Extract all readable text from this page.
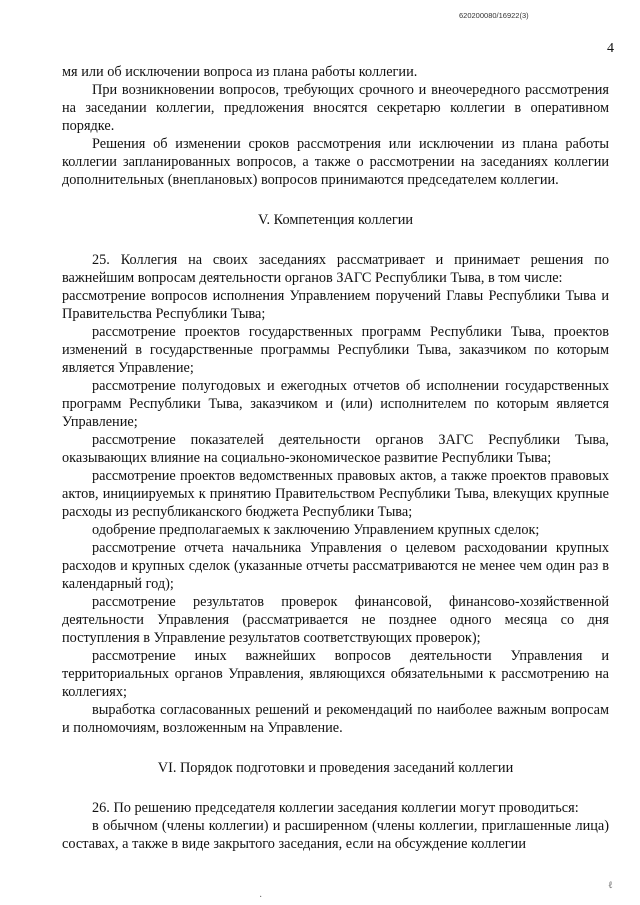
620200080/16922(3)
4

мя или об исключении вопроса из плана работы коллегии.

При возникновении вопросов, требующих срочного и внеочередного рассмотрения на заседании коллегии, предложения вносятся секретарю коллегии в оперативном порядке.

Решения об изменении сроков рассмотрения или исключении из плана работы коллегии запланированных вопросов, а также о рассмотрении на заседаниях коллегии дополнительных (внеплановых) вопросов принимаются председателем коллегии.

V. Компетенция коллегии

25. Коллегия на своих заседаниях рассматривает и принимает решения по важнейшим вопросам деятельности органов ЗАГС Республики Тыва, в том числе:

рассмотрение вопросов исполнения Управлением поручений Главы Республики Тыва и Правительства Республики Тыва;

рассмотрение проектов государственных программ Республики Тыва, проектов изменений в государственные программы Республики Тыва, заказчиком по которым является Управление;

рассмотрение полугодовых и ежегодных отчетов об исполнении государственных программ Республики Тыва, заказчиком и (или) исполнителем по которым является Управление;

рассмотрение показателей деятельности органов ЗАГС Республики Тыва, оказывающих влияние на социально-экономическое развитие Республики Тыва;

рассмотрение проектов ведомственных правовых актов, а также проектов правовых актов, инициируемых к принятию Правительством Республики Тыва, влекущих крупные расходы из республиканского бюджета Республики Тыва;

одобрение предполагаемых к заключению Управлением крупных сделок;

рассмотрение отчета начальника Управления о целевом расходовании крупных расходов и крупных сделок (указанные отчеты рассматриваются не менее чем один раз в календарный год);

рассмотрение результатов проверок финансовой, финансово-хозяйственной деятельности Управления (рассматривается не позднее одного месяца со дня поступления в Управление результатов соответствующих проверок);

рассмотрение иных важнейших вопросов деятельности Управления и территориальных органов Управления, являющихся обязательными к рассмотрению на коллегиях;

выработка согласованных решений и рекомендаций по наиболее важным вопросам и полномочиям, возложенным на Управление.

VI. Порядок подготовки и проведения заседаний коллегии

26. По решению председателя коллегии заседания коллегии могут проводиться:

в обычном (члены коллегии) и расширенном (члены коллегии, приглашенные лица) составах, а также в виде закрытого заседания, если на обсуждение коллегии

·
ℓ
